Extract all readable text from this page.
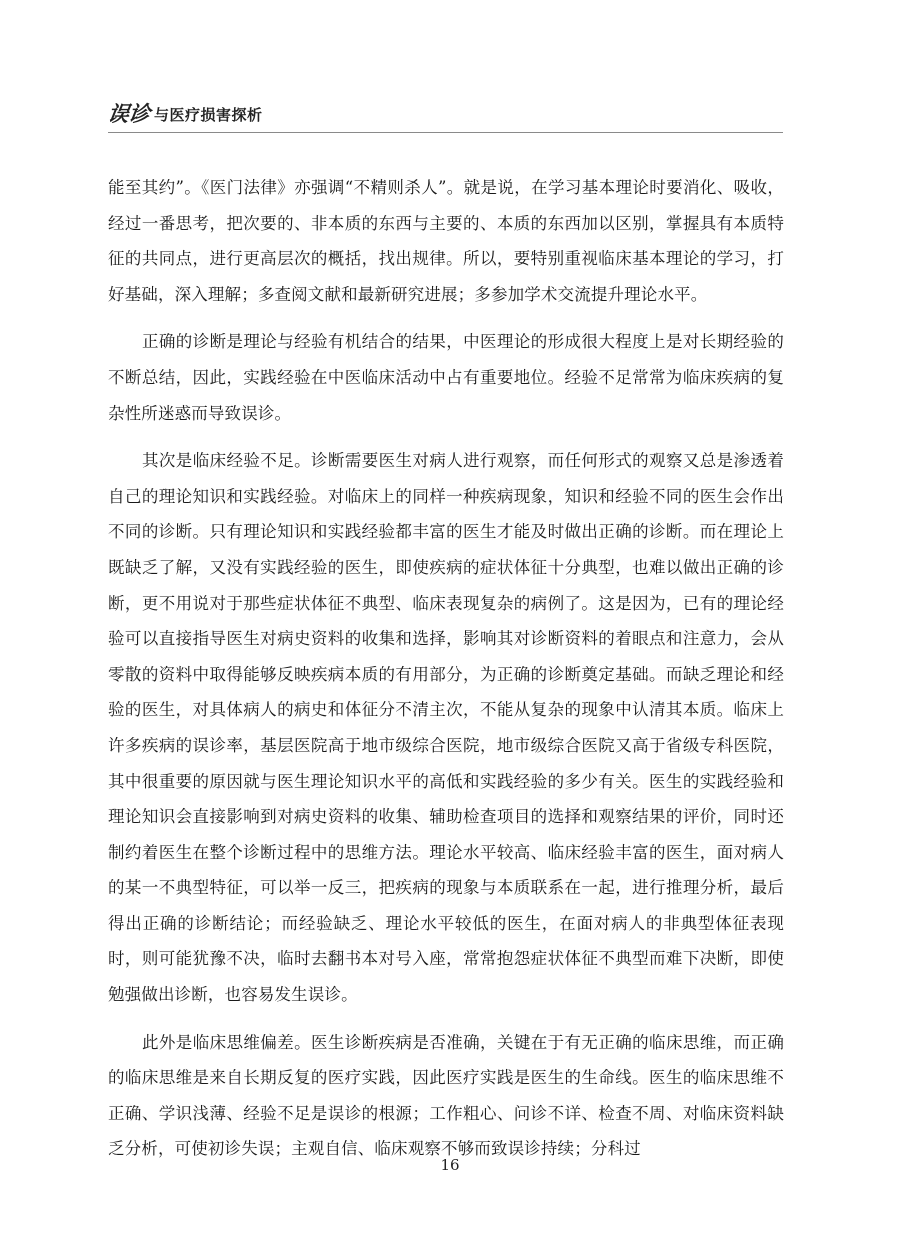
误诊 与医疗损害探析

能至其约”。《医门法律》亦强调“不精则杀人”。就是说，在学习基本理论时要消化、吸收，经过一番思考，把次要的、非本质的东西与主要的、本质的东西加以区别，掌握具有本质特征的共同点，进行更高层次的概括，找出规律。所以，要特别重视临床基本理论的学习，打好基础，深入理解；多查阅文献和最新研究进展；多参加学术交流提升理论水平。

正确的诊断是理论与经验有机结合的结果，中医理论的形成很大程度上是对长期经验的不断总结，因此，实践经验在中医临床活动中占有重要地位。经验不足常常为临床疾病的复杂性所迷惑而导致误诊。

其次是临床经验不足。诊断需要医生对病人进行观察，而任何形式的观察又总是渗透着自己的理论知识和实践经验。对临床上的同样一种疾病现象，知识和经验不同的医生会作出不同的诊断。只有理论知识和实践经验都丰富的医生才能及时做出正确的诊断。而在理论上既缺乏了解，又没有实践经验的医生，即使疾病的症状体征十分典型，也难以做出正确的诊断，更不用说对于那些症状体征不典型、临床表现复杂的病例了。这是因为，已有的理论经验可以直接指导医生对病史资料的收集和选择，影响其对诊断资料的着眼点和注意力，会从零散的资料中取得能够反映疾病本质的有用部分，为正确的诊断奠定基础。而缺乏理论和经验的医生，对具体病人的病史和体征分不清主次，不能从复杂的现象中认清其本质。临床上许多疾病的误诊率，基层医院高于地市级综合医院，地市级综合医院又高于省级专科医院，其中很重要的原因就与医生理论知识水平的高低和实践经验的多少有关。医生的实践经验和理论知识会直接影响到对病史资料的收集、辅助检查项目的选择和观察结果的评价，同时还制约着医生在整个诊断过程中的思维方法。理论水平较高、临床经验丰富的医生，面对病人的某一不典型特征，可以举一反三，把疾病的现象与本质联系在一起，进行推理分析，最后得出正确的诊断结论；而经验缺乏、理论水平较低的医生，在面对病人的非典型体征表现时，则可能犹豫不决，临时去翻书本对号入座，常常抱怨症状体征不典型而难下决断，即使勉强做出诊断，也容易发生误诊。

此外是临床思维偏差。医生诊断疾病是否准确，关键在于有无正确的临床思维，而正确的临床思维是来自长期反复的医疗实践，因此医疗实践是医生的生命线。医生的临床思维不正确、学识浅薄、经验不足是误诊的根源；工作粗心、问诊不详、检查不周、对临床资料缺乏分析，可使初诊失误；主观自信、临床观察不够而致误诊持续；分科过

16
